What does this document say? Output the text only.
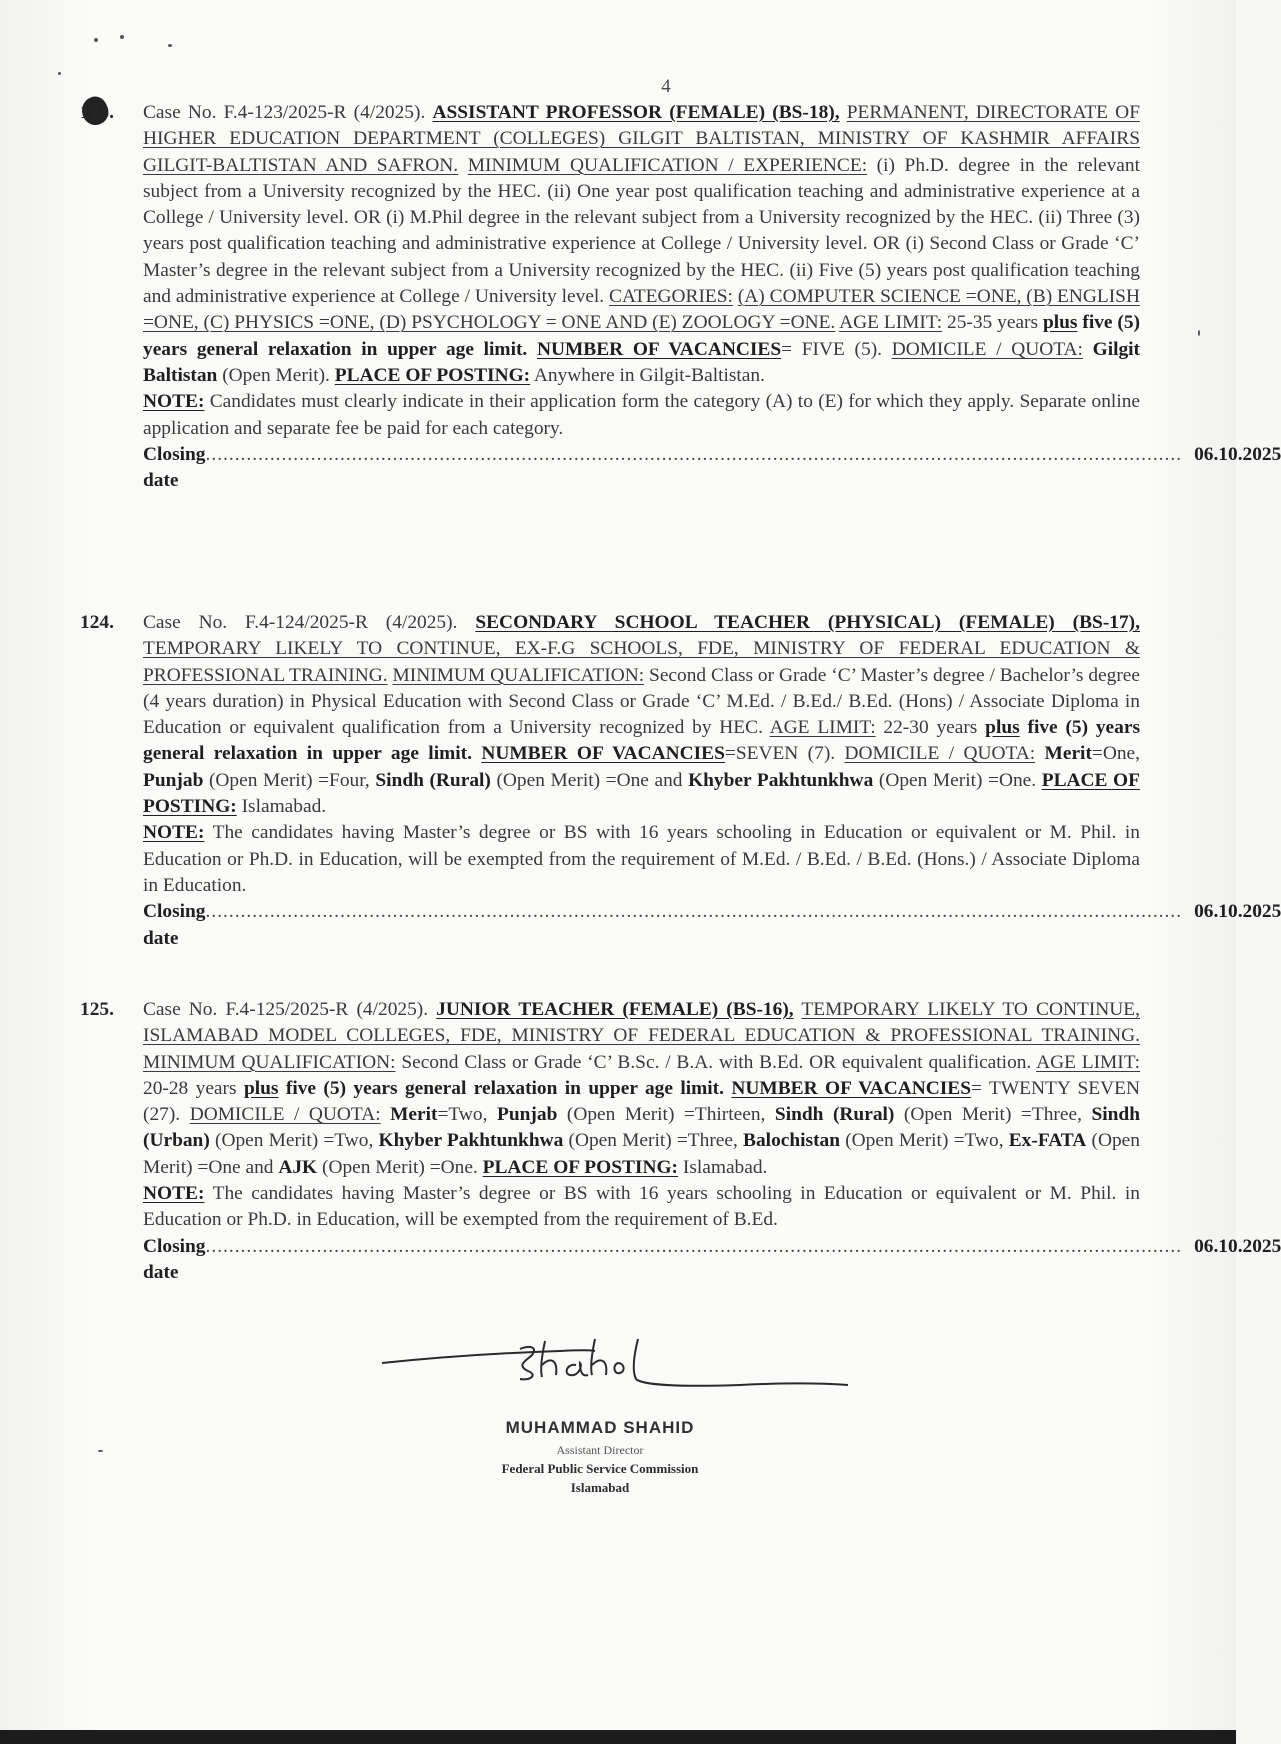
4
123.	Case No. F.4-123/2025-R (4/2025). ASSISTANT PROFESSOR (FEMALE) (BS-18), PERMANENT, DIRECTORATE OF HIGHER EDUCATION DEPARTMENT (COLLEGES) GILGIT BALTISTAN, MINISTRY OF KASHMIR AFFAIRS GILGIT-BALTISTAN AND SAFRON. MINIMUM QUALIFICATION / EXPERIENCE: (i) Ph.D. degree in the relevant subject from a University recognized by the HEC. (ii) One year post qualification teaching and administrative experience at a College / University level. OR (i) M.Phil degree in the relevant subject from a University recognized by the HEC. (ii) Three (3) years post qualification teaching and administrative experience at College / University level. OR (i) Second Class or Grade ‘C’ Master’s degree in the relevant subject from a University recognized by the HEC. (ii) Five (5) years post qualification teaching and administrative experience at College / University level. CATEGORIES: (A) COMPUTER SCIENCE =ONE, (B) ENGLISH =ONE, (C) PHYSICS =ONE, (D) PSYCHOLOGY = ONE AND (E) ZOOLOGY =ONE. AGE LIMIT: 25-35 years plus five (5) years general relaxation in upper age limit. NUMBER OF VACANCIES= FIVE (5). DOMICILE / QUOTA: Gilgit Baltistan (Open Merit). PLACE OF POSTING: Anywhere in Gilgit-Baltistan.
NOTE: Candidates must clearly indicate in their application form the category (A) to (E) for which they apply. Separate online application and separate fee be paid for each category.
Closing date
....................................................................................................................................................................... 06.10.2025
124.	Case No. F.4-124/2025-R (4/2025). SECONDARY SCHOOL TEACHER (PHYSICAL) (FEMALE) (BS-17), TEMPORARY LIKELY TO CONTINUE, EX-F.G SCHOOLS, FDE, MINISTRY OF FEDERAL EDUCATION & PROFESSIONAL TRAINING. MINIMUM QUALIFICATION: Second Class or Grade ‘C’ Master’s degree / Bachelor’s degree (4 years duration) in Physical Education with Second Class or Grade ‘C’ M.Ed. / B.Ed./ B.Ed. (Hons) / Associate Diploma in Education or equivalent qualification from a University recognized by HEC. AGE LIMIT: 22-30 years plus five (5) years general relaxation in upper age limit. NUMBER OF VACANCIES=SEVEN (7). DOMICILE / QUOTA: Merit=One, Punjab (Open Merit) =Four, Sindh (Rural) (Open Merit) =One and Khyber Pakhtunkhwa (Open Merit) =One. PLACE OF POSTING: Islamabad.
NOTE: The candidates having Master’s degree or BS with 16 years schooling in Education or equivalent or M. Phil. in Education or Ph.D. in Education, will be exempted from the requirement of M.Ed. / B.Ed. / B.Ed. (Hons.) / Associate Diploma in Education.
Closing date
....................................................................................................................................................................... 06.10.2025
125.	Case No. F.4-125/2025-R (4/2025). JUNIOR TEACHER (FEMALE) (BS-16), TEMPORARY LIKELY TO CONTINUE, ISLAMABAD MODEL COLLEGES, FDE, MINISTRY OF FEDERAL EDUCATION & PROFESSIONAL TRAINING. MINIMUM QUALIFICATION: Second Class or Grade ‘C’ B.Sc. / B.A. with B.Ed. OR equivalent qualification. AGE LIMIT: 20-28 years plus five (5) years general relaxation in upper age limit. NUMBER OF VACANCIES= TWENTY SEVEN (27). DOMICILE / QUOTA: Merit=Two, Punjab (Open Merit) =Thirteen, Sindh (Rural) (Open Merit) =Three, Sindh (Urban) (Open Merit) =Two, Khyber Pakhtunkhwa (Open Merit) =Three, Balochistan (Open Merit) =Two, Ex-FATA (Open Merit) =One and AJK (Open Merit) =One. PLACE OF POSTING: Islamabad.
NOTE: The candidates having Master’s degree or BS with 16 years schooling in Education or equivalent or M. Phil. in Education or Ph.D. in Education, will be exempted from the requirement of B.Ed.
Closing date
....................................................................................................................................................................... 06.10.2025
MUHAMMAD SHAHID
Assistant Director
Federal Public Service Commission
Islamabad
